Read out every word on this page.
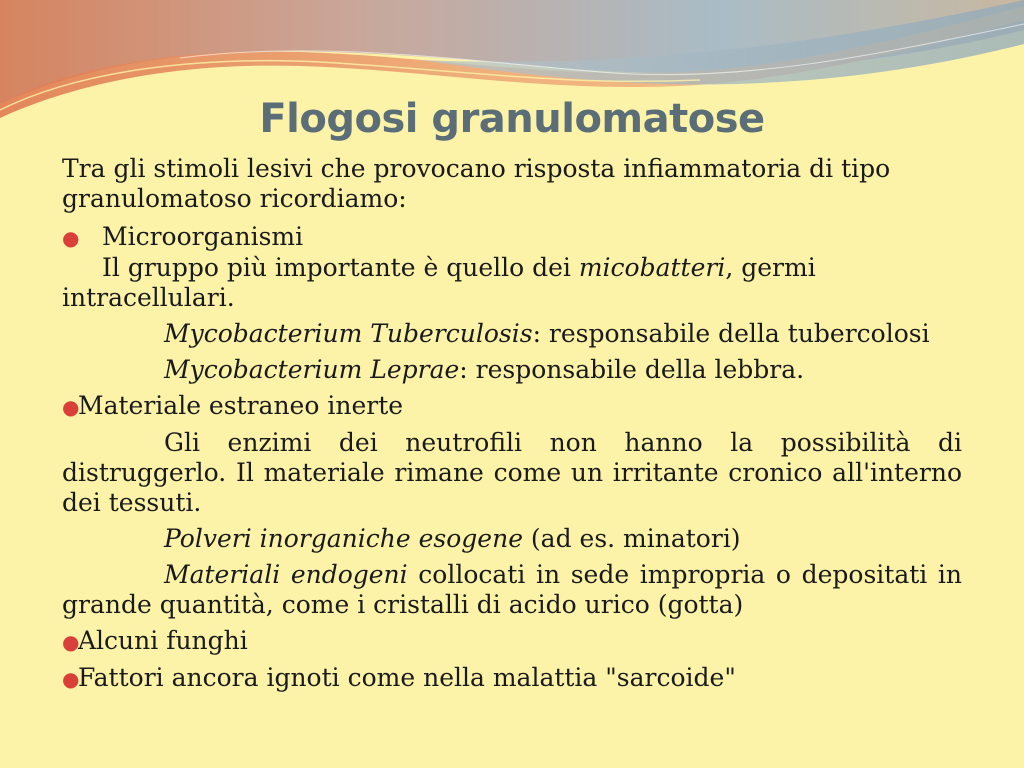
Flogosi granulomatose

Tra gli stimoli lesivi che provocano risposta infiammatoria di tipo

granulomatoso ricordiamo:

● Microorganismi

Il gruppo più importante è quello dei micobatteri, germi

intracellulari.

Mycobacterium Tuberculosis: responsabile della tubercolosi

Mycobacterium Leprae: responsabile della lebbra.

●Materiale estraneo inerte

Gli enzimi dei neutrofili non hanno la possibilità di distruggerlo. Il materiale rimane come un irritante cronico all'interno dei tessuti.

Polveri inorganiche esogene (ad es. minatori)

Materiali endogeni collocati in sede impropria o depositati in grande quantità, come i cristalli di acido urico (gotta)

●Alcuni funghi

●Fattori ancora ignoti come nella malattia "sarcoide"
